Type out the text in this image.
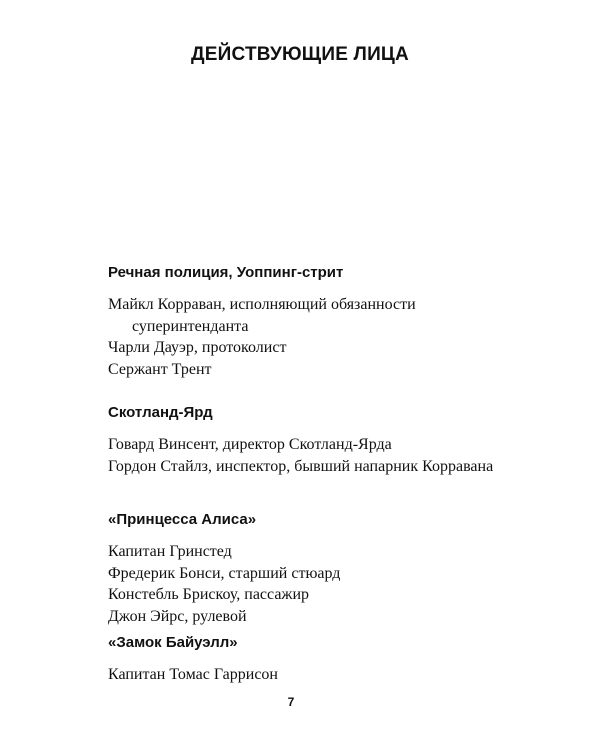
ДЕЙСТВУЮЩИЕ ЛИЦА

Речная полиция, Уоппинг-стрит

Майкл Корраван, исполняющий обязанности суперинтенданта

Чарли Дауэр, протоколист

Сержант Трент

Скотланд-Ярд

Говард Винсент, директор Скотланд-Ярда

Гордон Стайлз, инспектор, бывший напарник Корравана

«Принцесса Алиса»

Капитан Гринстед

Фредерик Бонси, старший стюард

Констебль Брискоу, пассажир

Джон Эйрс, рулевой

«Замок Байуэлл»

Капитан Томас Гаррисон

7
